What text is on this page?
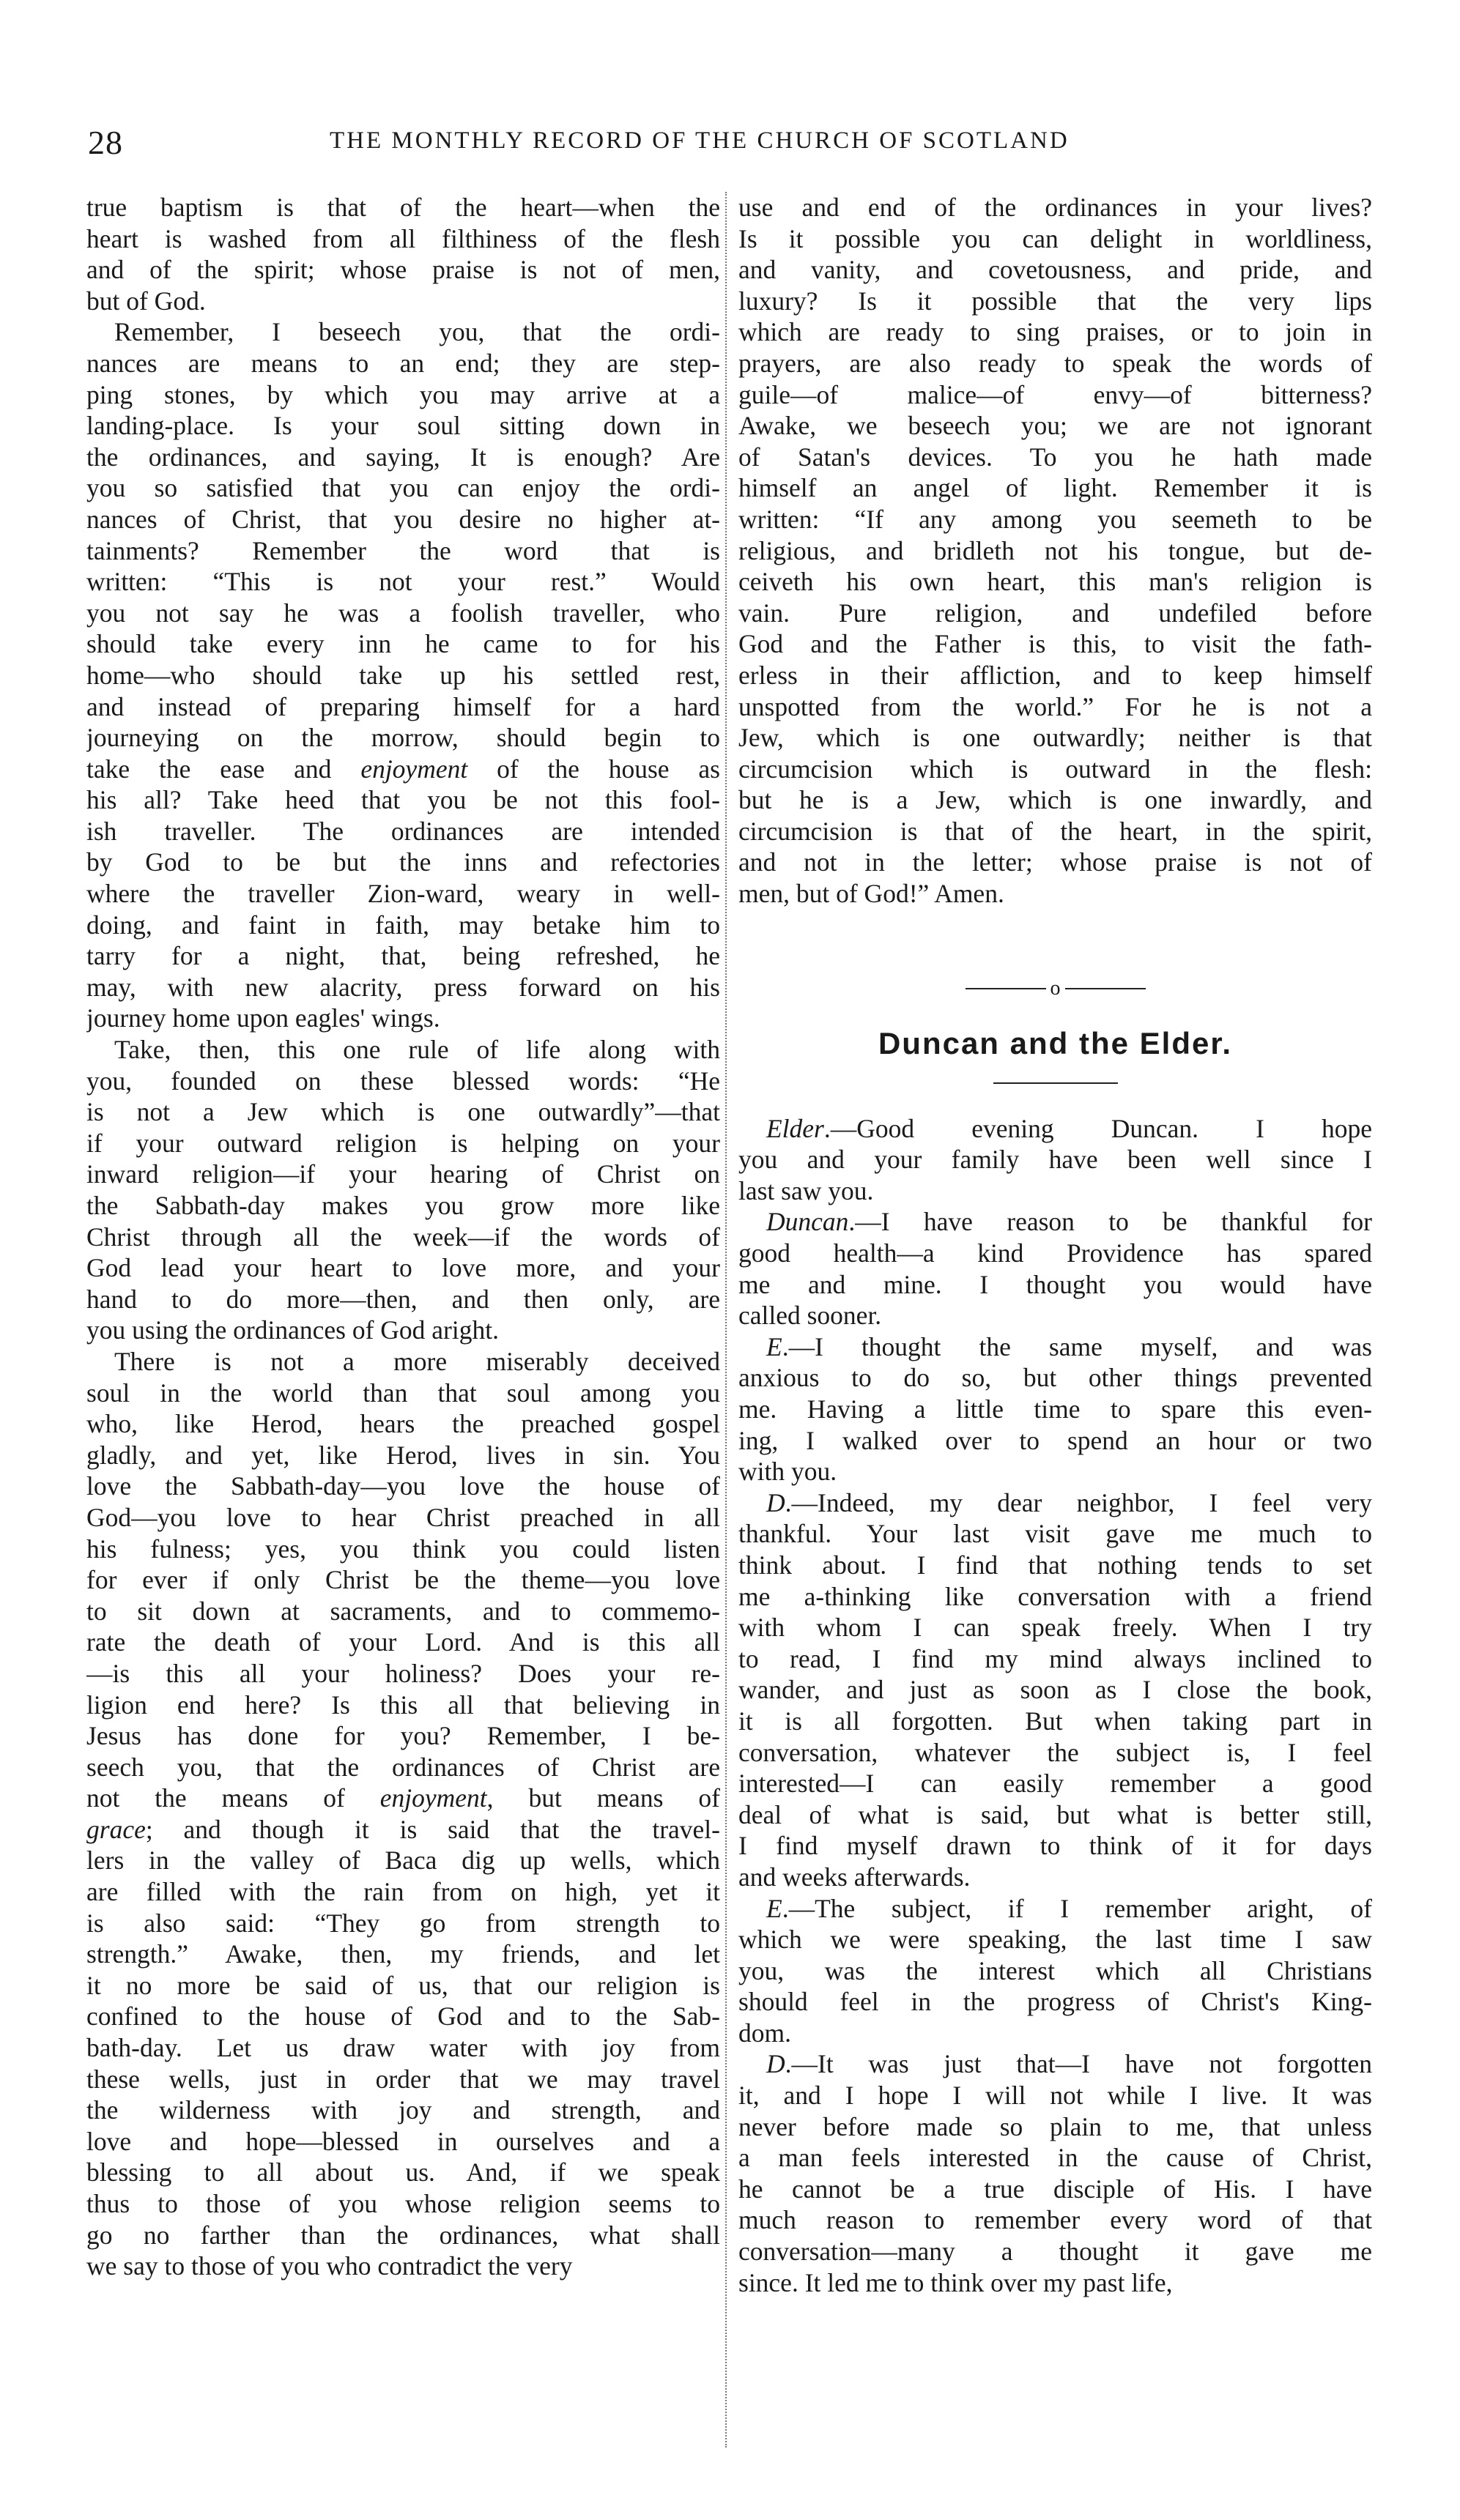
28	THE MONTHLY RECORD OF THE CHURCH OF SCOTLAND
true baptism is that of the heart—when the
heart is washed from all filthiness of the flesh
and of the spirit; whose praise is not of men,
but of God.
Remember, I beseech you, that the ordi-
nances are means to an end; they are step-
ping stones, by which you may arrive at a
landing-place. Is your soul sitting down in
the ordinances, and saying, It is enough? Are
you so satisfied that you can enjoy the ordi-
nances of Christ, that you desire no higher at-
tainments? Remember the word that is
written: “This is not your rest.” Would
you not say he was a foolish traveller, who
should take every inn he came to for his
home—who should take up his settled rest,
and instead of preparing himself for a hard
journeying on the morrow, should begin to
take the ease and enjoyment of the house as
his all? Take heed that you be not this fool-
ish traveller. The ordinances are intended
by God to be but the inns and refectories
where the traveller Zion-ward, weary in well-
doing, and faint in faith, may betake him to
tarry for a night, that, being refreshed, he
may, with new alacrity, press forward on his
journey home upon eagles' wings.
Take, then, this one rule of life along with
you, founded on these blessed words: “He
is not a Jew which is one outwardly”—that
if your outward religion is helping on your
inward religion—if your hearing of Christ on
the Sabbath-day makes you grow more like
Christ through all the week—if the words of
God lead your heart to love more, and your
hand to do more—then, and then only, are
you using the ordinances of God aright.
There is not a more miserably deceived
soul in the world than that soul among you
who, like Herod, hears the preached gospel
gladly, and yet, like Herod, lives in sin. You
love the Sabbath-day—you love the house of
God—you love to hear Christ preached in all
his fulness; yes, you think you could listen
for ever if only Christ be the theme—you love
to sit down at sacraments, and to commemo-
rate the death of your Lord. And is this all
—is this all your holiness? Does your re-
ligion end here? Is this all that believing in
Jesus has done for you? Remember, I be-
seech you, that the ordinances of Christ are
not the means of enjoyment, but means of
grace; and though it is said that the travel-
lers in the valley of Baca dig up wells, which
are filled with the rain from on high, yet it
is also said: “They go from strength to
strength.” Awake, then, my friends, and let
it no more be said of us, that our religion is
confined to the house of God and to the Sab-
bath-day. Let us draw water with joy from
these wells, just in order that we may travel
the wilderness with joy and strength, and
love and hope—blessed in ourselves and a
blessing to all about us. And, if we speak
thus to those of you whose religion seems to
go no farther than the ordinances, what shall
we say to those of you who contradict the very
use and end of the ordinances in your lives?
Is it possible you can delight in worldliness,
and vanity, and covetousness, and pride, and
luxury? Is it possible that the very lips
which are ready to sing praises, or to join in
prayers, are also ready to speak the words of
guile—of malice—of envy—of bitterness?
Awake, we beseech you; we are not ignorant
of Satan's devices. To you he hath made
himself an angel of light. Remember it is
written: “If any among you seemeth to be
religious, and bridleth not his tongue, but de-
ceiveth his own heart, this man's religion is
vain. Pure religion, and undefiled before
God and the Father is this, to visit the fath-
erless in their affliction, and to keep himself
unspotted from the world.” For he is not a
Jew, which is one outwardly; neither is that
circumcision which is outward in the flesh:
but he is a Jew, which is one inwardly, and
circumcision is that of the heart, in the spirit,
and not in the letter; whose praise is not of
men, but of God!” Amen.
o
Duncan and the Elder.
Elder.—Good evening Duncan. I hope
you and your family have been well since I
last saw you.
Duncan.—I have reason to be thankful for
good health—a kind Providence has spared
me and mine. I thought you would have
called sooner.
E.—I thought the same myself, and was
anxious to do so, but other things prevented
me. Having a little time to spare this even-
ing, I walked over to spend an hour or two
with you.
D.—Indeed, my dear neighbor, I feel very
thankful. Your last visit gave me much to
think about. I find that nothing tends to set
me a-thinking like conversation with a friend
with whom I can speak freely. When I try
to read, I find my mind always inclined to
wander, and just as soon as I close the book,
it is all forgotten. But when taking part in
conversation, whatever the subject is, I feel
interested—I can easily remember a good
deal of what is said, but what is better still,
I find myself drawn to think of it for days
and weeks afterwards.
E.—The subject, if I remember aright, of
which we were speaking, the last time I saw
you, was the interest which all Christians
should feel in the progress of Christ's King-
dom.
D.—It was just that—I have not forgotten
it, and I hope I will not while I live. It was
never before made so plain to me, that unless
a man feels interested in the cause of Christ,
he cannot be a true disciple of His. I have
much reason to remember every word of that
conversation—many a thought it gave me
since. It led me to think over my past life,
